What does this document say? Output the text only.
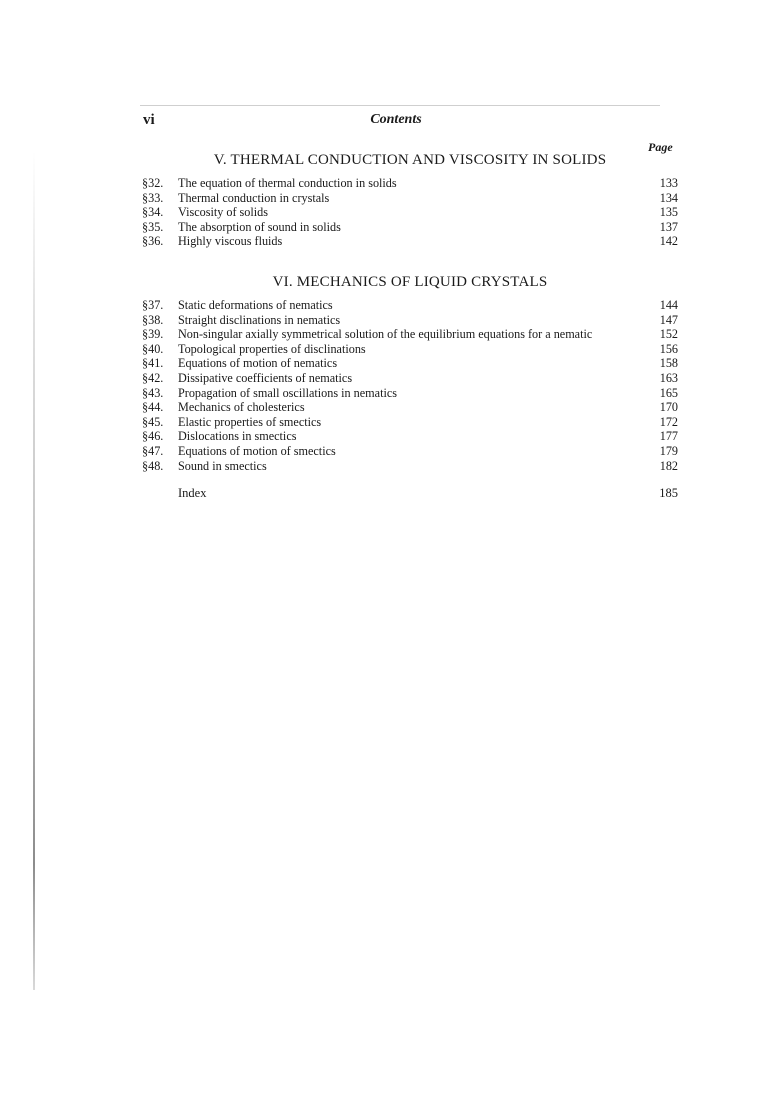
vi	Contents
Page
V. THERMAL CONDUCTION AND VISCOSITY IN SOLIDS
§32. The equation of thermal conduction in solids	133
§33. Thermal conduction in crystals	134
§34. Viscosity of solids	135
§35. The absorption of sound in solids	137
§36. Highly viscous fluids	142
VI. MECHANICS OF LIQUID CRYSTALS
§37. Static deformations of nematics	144
§38. Straight disclinations in nematics	147
§39. Non-singular axially symmetrical solution of the equilibrium equations for a nematic	152
§40. Topological properties of disclinations	156
§41. Equations of motion of nematics	158
§42. Dissipative coefficients of nematics	163
§43. Propagation of small oscillations in nematics	165
§44. Mechanics of cholesterics	170
§45. Elastic properties of smectics	172
§46. Dislocations in smectics	177
§47. Equations of motion of smectics	179
§48. Sound in smectics	182
Index	185
